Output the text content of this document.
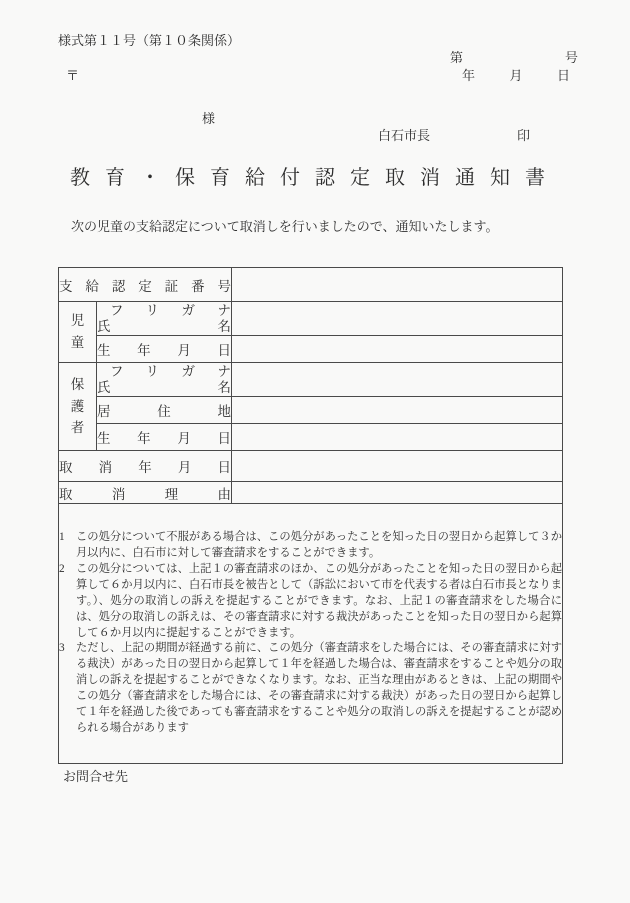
様式第１１号（第１０条関係）
第	号
〒	年	月	日
様
白石市長	印
教育・保育給付認定取消通知書
　次の児童の支給認定について取消しを行いましたので、通知いたします。
支給認定証番号		

児童	フリガナ
氏名	

	生年月日	

保護者	フリガナ
氏名	

	居住地	
	生年月日	
取消年月日		
取消理由		

1	この処分について不服がある場合は、この処分があったことを知った日の翌日から起算して３か月以内に、白石市に対して審査請求をすることができます。
2	この処分については、上記１の審査請求のほか、この処分があったことを知った日の翌日から起算して６か月以内に、白石市長を被告として（訴訟において市を代表する者は白石市長となります。）、処分の取消しの訴えを提起することができます。なお、上記１の審査請求をした場合には、処分の取消しの訴えは、その審査請求に対する裁決があったことを知った日の翌日から起算して６か月以内に提起することができます。
3	ただし、上記の期間が経過する前に、この処分（審査請求をした場合には、その審査請求に対する裁決）があった日の翌日から起算して１年を経過した場合は、審査請求をすることや処分の取消しの訴えを提起することができなくなります。なお、正当な理由があるときは、上記の期間やこの処分（審査請求をした場合には、その審査請求に対する裁決）があった日の翌日から起算して１年を経過した後であっても審査請求をすることや処分の取消しの訴えを提起することが認められる場合があります
お問合せ先
